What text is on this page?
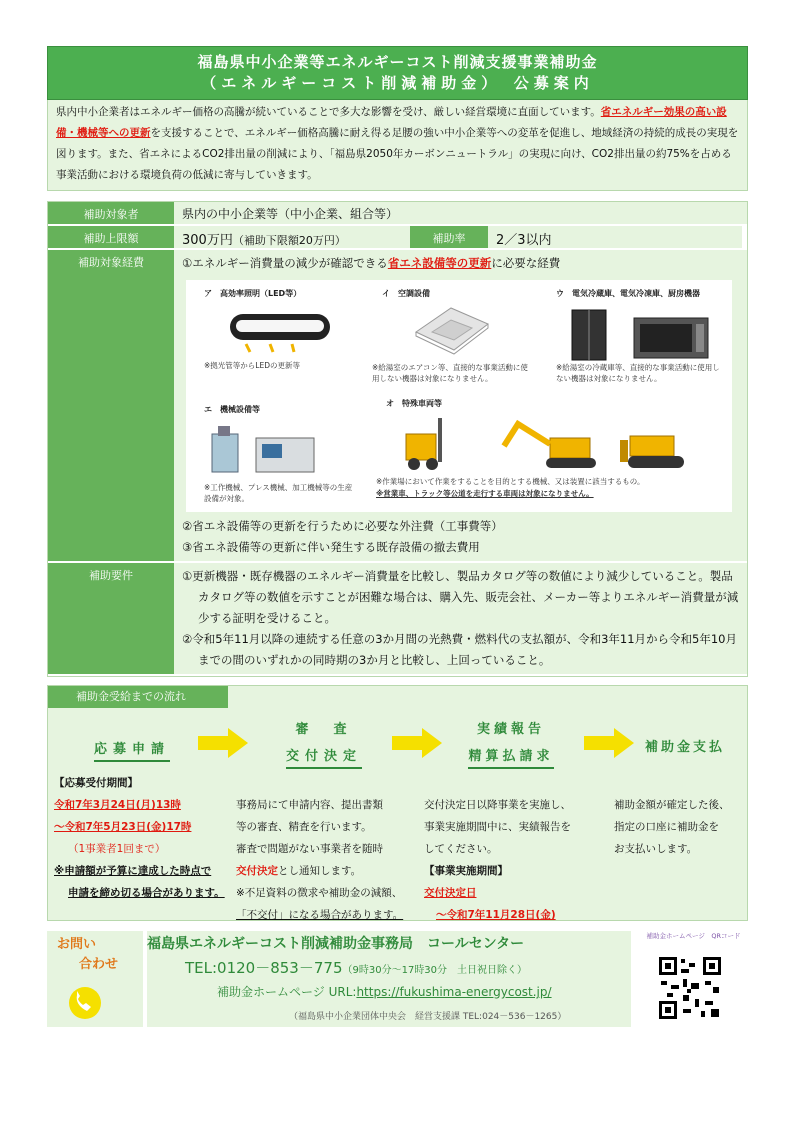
福島県中小企業等エネルギーコスト削減支援事業補助金
（エネルギーコスト削減補助金）　公募案内
県内中小企業者はエネルギー価格の高騰が続いていることで多大な影響を受け、厳しい経営環境に直面しています。省エネルギー効果の高い設備・機械等への更新を支援することで、エネルギー価格高騰に耐え得る足腰の強い中小企業等への変革を促進し、地域経済の持続的成長の実現を図ります。また、省エネによるCO2排出量の削減により、「福島県2050年カーボンニュートラル」の実現に向け、CO2排出量の約75%を占める事業活動における環境負荷の低減に寄与していきます。
補助対象者	県内の中小企業等（中小企業、組合等）
補助上限額	300万円（補助下限額20万円）	補助率	2／3以内
補助対象経費	①エネルギー消費量の減少が確認できる省エネ設備等の更新に必要な経費
ア　高効率照明（LED等）
※拠光管等からLEDの更新等
イ　空調設備
※給湯室のエアコン等、直接的な事業活動に使用しない機器は対象になりません。
ウ　電気冷蔵庫、電気冷凍庫、厨房機器
※給湯室の冷蔵庫等、直接的な事業活動に使用しない機器は対象になりません。
エ　機械設備等
※工作機械、プレス機械、加工機械等の生産設備が対象。
オ　特殊車両等
※作業場において作業をすることを目的とする機械、又は装置に該当するもの。
※営業車、トラック等公道を走行する車両は対象になりません。
②省エネ設備等の更新を行うために必要な外注費（工事費等）
③省エネ設備等の更新に伴い発生する既存設備の撤去費用
補助要件	①更新機器・既存機器のエネルギー消費量を比較し、製品カタログ等の数値により減少していること。製品カタログ等の数値を示すことが困難な場合は、購入先、販売会社、メーカー等よりエネルギー消費量が減少する証明を受けること。
②令和5年11月以降の連続する任意の3か月間の光熱費・燃料代の支払額が、令和3年11月から令和5年10月までの間のいずれかの同時期の3か月と比較し、上回っていること。
補助金受給までの流れ
応募申請
審　査
交付決定
実績報告
精算払請求
補助金支払
【応募受付期間】
令和7年3月24日(月)13時
～令和7年5月23日(金)17時
（1事業者1回まで）
※申請額が予算に達成した時点で
申請を締め切る場合があります。
事務局にて申請内容、提出書類
等の審査、精査を行います。
審査で問題がない事業者を随時
交付決定とし通知します。
※不足資料の徴求や補助金の減額、
「不交付」になる場合があります。
交付決定日以降事業を実施し、
事業実施期間中に、実績報告を
してください。
【事業実施期間】
交付決定日
～令和7年11月28日(金)
補助金額が確定した後、
指定の口座に補助金を
お支払いします。
お問い
合わせ
福島県エネルギーコスト削減補助金事務局　コールセンター
TEL:0120－853－775（9時30分～17時30分　土日祝日除く）
補助金ホームページ URL:https://fukushima-energycost.jp/
（福島県中小企業団体中央会　経営支援課 TEL:024－536－1265）
補助金ホームページ　QRコード
